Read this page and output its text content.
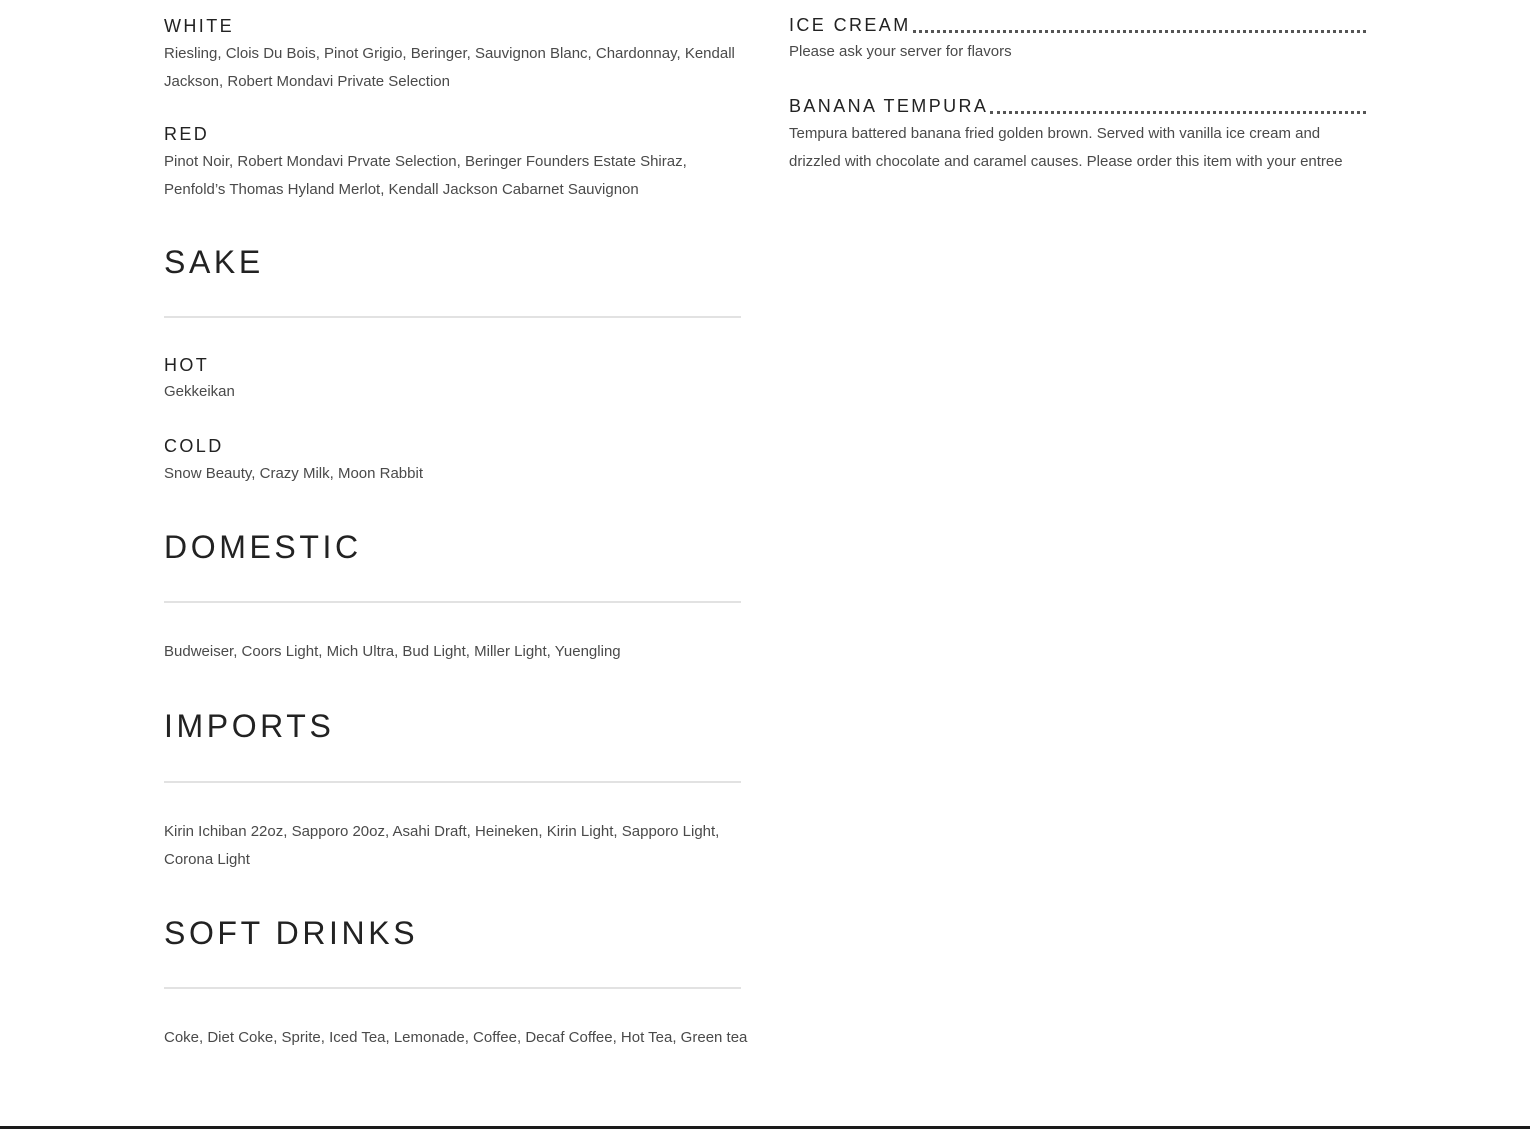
WHITE
Riesling, Clois Du Bois, Pinot Grigio, Beringer, Sauvignon Blanc, Chardonnay, Kendall Jackson, Robert Mondavi Private Selection
RED
Pinot Noir, Robert Mondavi Prvate Selection, Beringer Founders Estate Shiraz, Penfold’s Thomas Hyland Merlot, Kendall Jackson Cabarnet Sauvignon
SAKE
HOT
Gekkeikan
COLD
Snow Beauty, Crazy Milk, Moon Rabbit
DOMESTIC
Budweiser, Coors Light, Mich Ultra, Bud Light, Miller Light, Yuengling
IMPORTS
Kirin Ichiban 22oz, Sapporo 20oz, Asahi Draft, Heineken, Kirin Light, Sapporo Light, Corona Light
SOFT DRINKS
Coke, Diet Coke, Sprite, Iced Tea, Lemonade, Coffee, Decaf Coffee, Hot Tea, Green tea
ICE CREAM
Please ask your server for flavors
BANANA TEMPURA
Tempura battered banana fried golden brown. Served with vanilla ice cream and drizzled with chocolate and caramel causes. Please order this item with your entree
